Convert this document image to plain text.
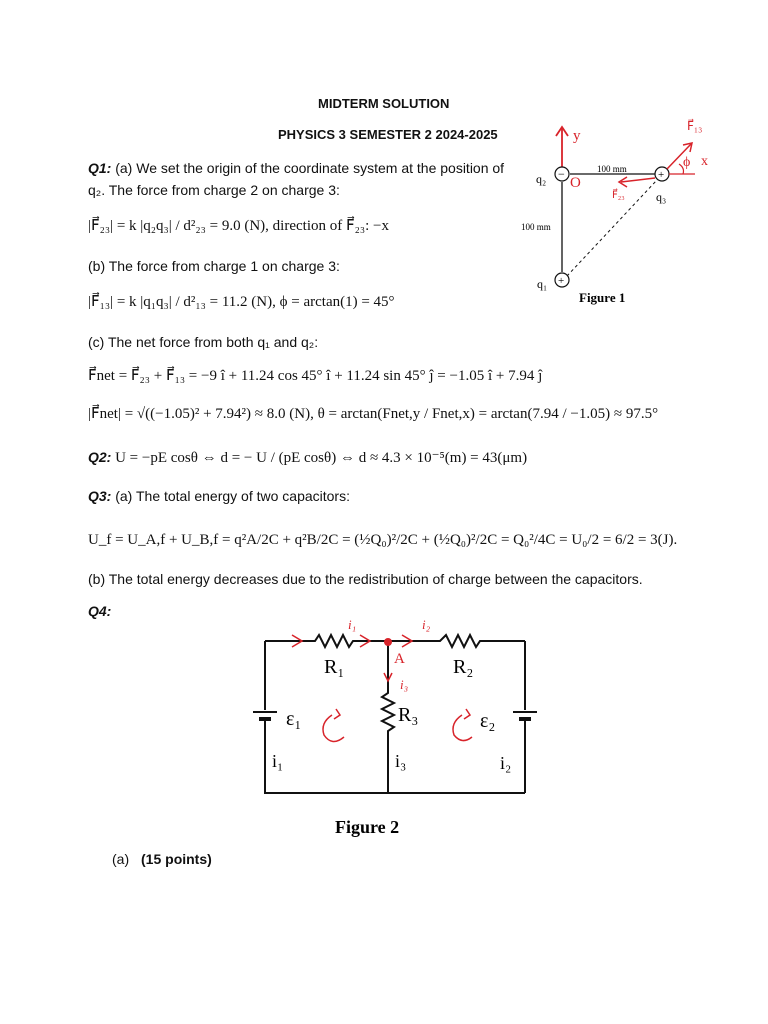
MIDTERM SOLUTION
PHYSICS 3 SEMESTER 2 2024-2025
Q1: (a) We set the origin of the coordinate system at the position of
q₂. The force from charge 2 on charge 3:
|F⃗₂₃| = k |q₂q₃| / d²₂₃ = 9.0 (N), direction of F⃗₂₃: −x
(b) The force from charge 1 on charge 3:
|F⃗₁₃| = k |q₁q₃| / d²₁₃ = 11.2 (N), ϕ = arctan(1) = 45°
(c) The net force from both q₁ and q₂:
F⃗net = F⃗₂₃ + F⃗₁₃ = −9 î + 11.24 cos 45° î + 11.24 sin 45° ĵ = −1.05 î + 7.94 ĵ
|F⃗net| = √((−1.05)² + 7.94²) ≈ 8.0 (N), θ = arctan(Fnet,y / Fnet,x) = arctan(7.94 / −1.05) ≈ 97.5°
Q2: U = −pE cosθ ⇔ d = − U / (pE cosθ) ⇔ d ≈ 4.3 × 10⁻⁵(m) = 43(μm)
Q3: (a) The total energy of two capacitors:
U_f = U_A,f + U_B,f = q²A/2C + q²B/2C = (½Q₀)²/2C + (½Q₀)²/2C = Q₀²/4C = U₀/2 = 6/2 = 3(J).
(b) The total energy decreases due to the redistribution of charge between the capacitors.
Q4:
(a) (15 points)
y
−	+
+
q₂
q₃
q₁
100 mm
100 mm
Figure 1
O
F⃗₂₃
F⃗₁₃
ϕ x
R₁	R₂
R₃
ε₁	ε₂
i₁	i₃	i₂
Figure 2
A
i₁	i₂
i₃
